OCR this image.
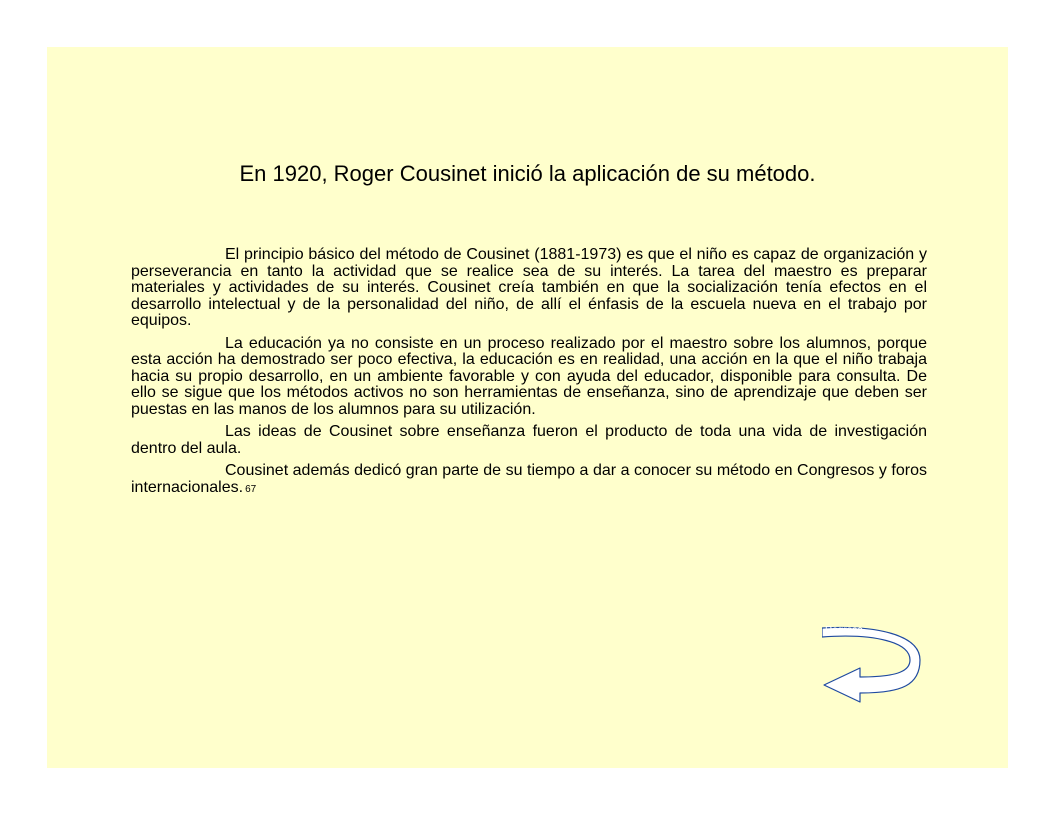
En 1920, Roger Cousinet inició la aplicación de su método.

El principio básico del método de Cousinet (1881-1973) es que el niño es capaz de organización y perseverancia en tanto la actividad que se realice sea de su interés. La tarea del maestro es preparar materiales y actividades de su interés. Cousinet creía también en que la socialización tenía efectos en el desarrollo intelectual y de la personalidad del niño, de allí el énfasis de la escuela nueva en el trabajo por equipos.

La educación ya no consiste en un proceso realizado por el maestro sobre los alumnos, porque esta acción ha demostrado ser poco efectiva, la educación es en realidad, una acción en la que el niño trabaja hacia su propio desarrollo, en un ambiente favorable y con ayuda del educador, disponible para consulta. De ello se sigue que los métodos activos no son herramientas de enseñanza, sino de aprendizaje que deben ser puestas en las manos de los alumnos para su utilización.

Las ideas de Cousinet sobre enseñanza fueron el producto de toda una vida de investigación dentro del aula.

Cousinet además dedicó gran parte de su tiempo a dar a conocer su método en Congresos y foros internacionales. 67

Regreso
